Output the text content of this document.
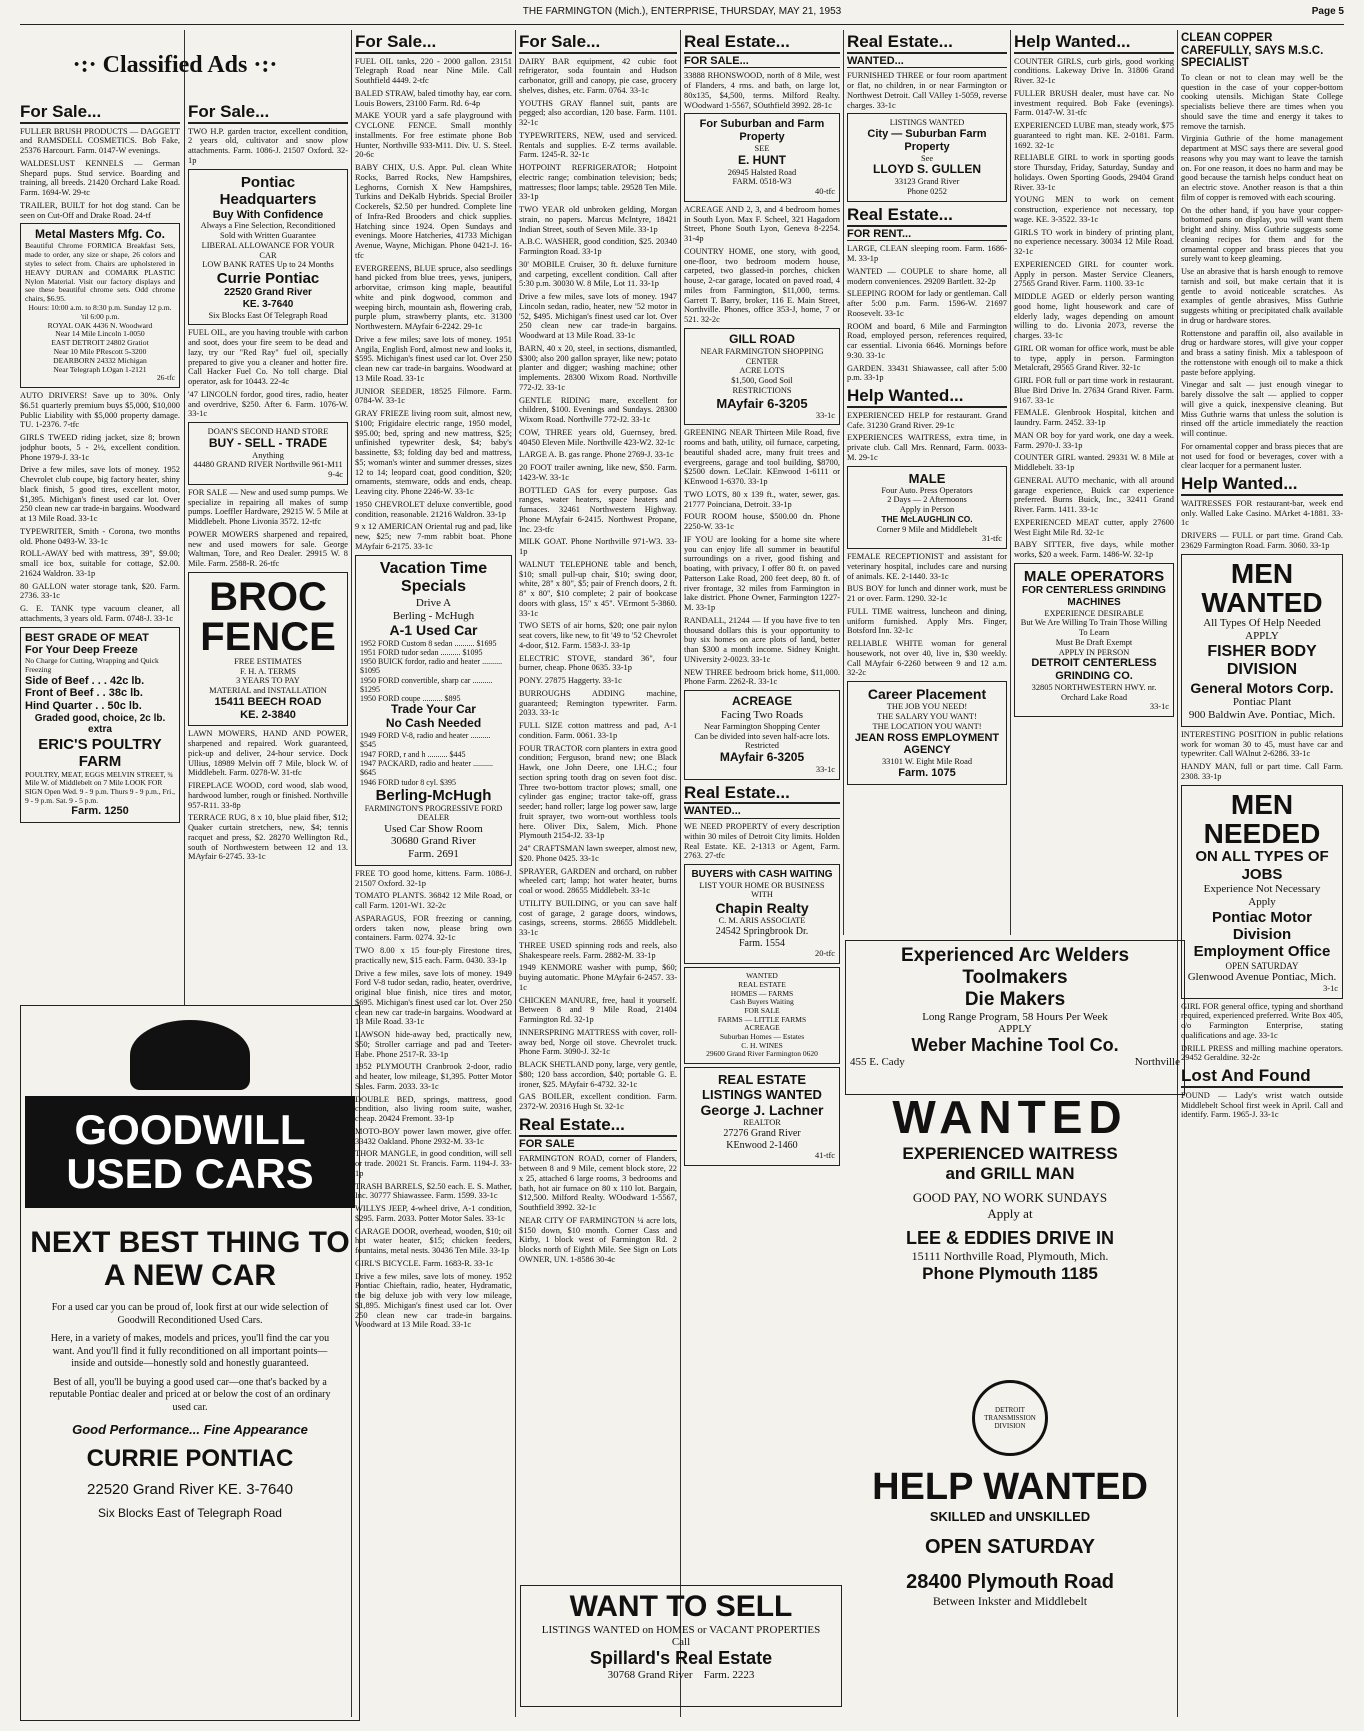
THE FARMINGTON (Mich.), ENTERPRISE, THURSDAY, MAY 21, 1953	Page 5
·:· Classified Ads ·:·
For Sale...
FULLER BRUSH PRODUCTS — DAGGETT and RAMSDELL COSMETICS. Bob Fake, 25376 Harcourt. Farm. 0147-W evenings.
WALDESLUST KENNELS — German Shepard pups. Stud service. Boarding and training, all breeds. 21420 Orchard Lake Road. Farm. 1694-W. 29-tc
TRAILER, BUILT for hot dog stand. Can be seen on Cut-Off and Drake Road. 24-tf
Metal Masters Mfg. Co.
Beautiful Chrome FORMICA Breakfast Sets, made to order, any size or shape, 26 colors and styles to select from. Chairs are upholstered in HEAVY DURAN and COMARK PLASTIC Nylon Material. Visit our factory displays and see these beautiful chrome sets. Odd chrome chairs, $6.95.
Hours: 10:00 a.m. to 8:30 p.m. Sunday 12 p.m. 'til 6:00 p.m.
ROYAL OAK 4436 N. Woodward
Near 14 Mile Lincoln 1-0050
EAST DETROIT 24802 Gratiot
Near 10 Mile PRescott 5-3200
DEARBORN 24332 Michigan
Near Telegraph LOgan 1-2121
26-tfc
AUTO DRIVERS! Save up to 30%. Only $6.51 quarterly premium buys $5,000, $10,000 Public Liability with $5,000 property damage. TU. 1-2376. 7-tfc
GIRLS TWEED riding jacket, size 8; brown jodphur boots, 5 - 2½, excellent condition. Phone 1979-J. 33-1c
Drive a few miles, save lots of money. 1952 Chevrolet club coupe, big factory heater, shiny black finish, 5 good tires, excellent motor, $1,395. Michigan's finest used car lot. Over 250 clean new car trade-in bargains. Woodward at 13 Mile Road. 33-1c
TYPEWRITER, Smith - Corona, two months old. Phone 0493-W. 33-1c
ROLL-AWAY bed with mattress, 39", $9.00; small ice box, suitable for cottage, $2.00. 21624 Waldron. 33-1p
80 GALLON water storage tank, $20. Farm. 2736. 33-1c
G. E. TANK type vacuum cleaner, all attachments, 3 years old. Farm. 0748-J. 33-1c
BEST GRADE OF MEAT
For Your Deep Freeze
No Charge for Cutting, Wrapping and Quick Freezing
Side of Beef . . . 42c lb.
Front of Beef . . 38c lb.
Hind Quarter . . 50c lb.
Graded good, choice, 2c lb. extra
ERIC'S POULTRY FARM
POULTRY, MEAT, EGGS MELVIN STREET, ¾ Mile W. of Middlebelt on 7 Mile LOOK FOR SIGN Open Wed. 9 - 9 p.m. Thurs 9 - 9 p.m., Fri., 9 - 9 p.m. Sat. 9 - 5 p.m.
Farm. 1250
For Sale...
TWO H.P. garden tractor, excellent condition, 2 years old, cultivator and snow plow attachments. Farm. 1086-J. 21507 Oxford. 32-1p
Pontiac Headquarters
Buy With Confidence
Always a Fine Selection, Reconditioned
Sold with Written Guarantee
LIBERAL ALLOWANCE FOR YOUR CAR
LOW BANK RATES Up to 24 Months
Currie Pontiac
22520 Grand River
KE. 3-7640
Six Blocks East Of Telegraph Road
FUEL OIL, are you having trouble with carbon and soot, does your fire seem to be dead and lazy, try our "Red Ray" fuel oil, specially prepared to give you a cleaner and hotter fire. Call Hacker Fuel Co. No toll charge. Dial operator, ask for 10443. 22-4c
'47 LINCOLN fordor, good tires, radio, heater and overdrive, $250. After 6. Farm. 1076-W. 33-1c
DOAN'S SECOND HAND STORE
BUY - SELL - TRADE
Anything
44480 GRAND RIVER Northville 961-M11
9-4c
FOR SALE — New and used sump pumps. We specialize in repairing all makes of sump pumps. Loeffler Hardware, 29215 W. 5 Mile at Middlebelt. Phone Livonia 3572. 12-tfc
POWER MOWERS sharpened and repaired, new and used mowers for sale. George Waltman, Tore, and Reo Dealer. 29915 W. 8 Mile. Farm. 2588-R. 26-tfc
BROC FENCE
FREE ESTIMATES
F. H. A. TERMS
3 YEARS TO PAY
MATERIAL and INSTALLATION
15411 BEECH ROAD
KE. 2-3840
LAWN MOWERS, HAND AND POWER, sharpened and repaired. Work guaranteed, pick-up and deliver, 24-hour service. Dock Ullius, 18989 Melvin off 7 Mile, block W. of Middlebelt. Farm. 0278-W. 31-tfc
FIREPLACE WOOD, cord wood, slab wood, hardwood lumber, rough or finished. Northville 957-R11. 33-8p
TERRACE RUG, 8 x 10, blue plaid fiber, $12; Quaker curtain stretchers, new, $4; tennis racquet and press, $2. 28270 Wellington Rd., south of Northwestern between 12 and 13. MAyfair 6-2745. 33-1c
GOODWILL USED CARS
NEXT BEST THING TO A NEW CAR
For a used car you can be proud of, look first at our wide selection of Goodwill Reconditioned Used Cars.
Here, in a variety of makes, models and prices, you'll find the car you want. And you'll find it fully reconditioned on all important points—inside and outside—honestly sold and honestly guaranteed.
Best of all, you'll be buying a good used car—one that's backed by a reputable Pontiac dealer and priced at or below the cost of an ordinary used car.
Good Performance... Fine Appearance
CURRIE PONTIAC
22520 Grand River KE. 3-7640
Six Blocks East of Telegraph Road
For Sale...
FUEL OIL tanks, 220 - 2000 gallon. 23151 Telegraph Road near Nine Mile. Call Southfield 4449. 2-tfc
BALED STRAW, baled timothy hay, ear corn. Louis Bowers, 23100 Farm. Rd. 6-4p
MAKE YOUR yard a safe playground with CYCLONE FENCE. Small monthly installments. For free estimate phone Bob Hunter, Northville 933-M11. Div. U. S. Steel. 20-6c
BABY CHIX, U.S. Appr. Pul. clean White Rocks, Barred Rocks, New Hampshires, Leghorns, Cornish X New Hampshires, Turkins and DeKalb Hybrids. Special Broiler Cockerels, $2.50 per hundred. Complete line of Infra-Red Brooders and chick supplies. Hatching since 1924. Open Sundays and evenings. Moore Hatcheries, 41733 Michigan Avenue, Wayne, Michigan. Phone 0421-J. 16-tfc
EVERGREENS, BLUE spruce, also seedlings hand picked from blue trees, yews, junipers, arborvitae, crimson king maple, beautiful white and pink dogwood, common and weeping birch, mountain ash, flowering crab, purple plum, strawberry plants, etc. 31300 Northwestern. MAyfair 6-2242. 29-1c
Drive a few miles; save lots of money. 1951 Angila, English Ford, almost new and looks it, $595. Michigan's finest used car lot. Over 250 clean new car trade-in bargains. Woodward at 13 Mile Road. 33-1c
JUNIOR SEEDER, 18525 Filmore. Farm. 0784-W. 33-1c
GRAY FRIEZE living room suit, almost new, $100; Frigidaire electric range, 1950 model, $95.00; bed, spring and new mattress, $25; unfinished typewriter desk, $4; baby's bassinette, $3; folding day bed and mattress, $5; woman's winter and summer dresses, sizes 12 to 14; leopard coat, good condition, $20; ornaments, stemware, odds and ends, cheap. Leaving city. Phone 2246-W. 33-1c
1950 CHEVROLET deluxe convertible, good condition, reasonable. 21216 Waldron. 33-1p
9 x 12 AMERICAN Oriental rug and pad, like new, $25; new 7-mm rabbit boat. Phone MAyfair 6-2175. 33-1c
Vacation Time Specials
Drive A
Berling - McHugh
A-1 Used Car
1952 FORD Custom 8 sedan .......... $1695
1951 FORD tudor sedan .......... $1095
1950 BUICK fordor, radio and heater .......... $1095
1950 FORD convertible, sharp car .......... $1295
1950 FORD coupe .......... $895
Trade Your Car
No Cash Needed
1949 FORD V-8, radio and heater .......... $545
1947 FORD, r and h .......... $445
1947 PACKARD, radio and heater .......... $645
1946 FORD tudor 8 cyl. $395
Berling-McHugh
FARMINGTON'S PROGRESSIVE FORD DEALER
Used Car Show Room
30680 Grand River
Farm. 2691
FREE TO good home, kittens. Farm. 1086-J. 21507 Oxford. 32-1p
TOMATO PLANTS. 36842 12 Mile Road, or call Farm. 1201-W1. 32-2c
ASPARAGUS, FOR freezing or canning, orders taken now, please bring own containers. Farm. 0274. 32-1c
TWO 8.00 x 15 four-ply Firestone tires, practically new, $15 each. Farm. 0430. 33-1p
Drive a few miles, save lots of money. 1949 Ford V-8 tudor sedan, radio, heater, overdrive, original blue finish, nice tires and motor, $695. Michigan's finest used car lot. Over 250 clean new car trade-in bargains. Woodward at 13 Mile Road. 33-1c
LAWSON hide-away bed, practically new, $50; Stroller carriage and pad and Teeter-Babe. Phone 2517-R. 33-1p
1952 PLYMOUTH Cranbrook 2-door, radio and heater, low mileage, $1,395. Potter Motor Sales. Farm. 2033. 33-1c
DOUBLE BED, springs, mattress, good condition, also living room suite, washer, cheap. 20424 Fremont. 33-1p
MOTO-BOY power lawn mower, give offer. 33432 Oakland. Phone 2932-M. 33-1c
THOR MANGLE, in good condition, will sell or trade. 20021 St. Francis. Farm. 1194-J. 33-1p
TRASH BARRELS, $2.50 each. E. S. Mather, Inc. 30777 Shiawassee. Farm. 1599. 33-1c
WILLYS JEEP, 4-wheel drive, A-1 condition, $295. Farm. 2033. Potter Motor Sales. 33-1c
GARAGE DOOR, overhead, wooden, $10; oil hot water heater, $15; chicken feeders, fountains, metal nests. 30436 Ten Mile. 33-1p
GIRL'S BICYCLE. Farm. 1683-R. 33-1c
Drive a few miles, save lots of money. 1952 Pontiac Chieftain, radio, heater, Hydramatic, the big deluxe job with very low mileage, $1,895. Michigan's finest used car lot. Over 250 clean new car trade-in bargains. Woodward at 13 Mile Road. 33-1c
For Sale...
DAIRY BAR equipment, 42 cubic foot refrigerator, soda fountain and Hudson carbonator, grill and canopy, pie case, grocery shelves, dishes, etc. Farm. 0764. 33-1c
YOUTHS GRAY flannel suit, pants are pegged; also accordian, 120 base. Farm. 1101. 32-1c
TYPEWRITERS, NEW, used and serviced. Rentals and supplies. E-Z terms available. Farm. 1245-R. 32-1c
HOTPOINT REFRIGERATOR; Hotpoint electric range; combination television; beds; mattresses; floor lamps; table. 29528 Ten Mile. 33-1p
TWO YEAR old unbroken gelding, Morgan strain, no papers. Marcus McIntyre, 18421 Indian Street, south of Seven Mile. 33-1p
A.B.C. WASHER, good condition, $25. 20340 Farmington Road. 33-1p
30' MOBILE Cruiser, 30 ft. deluxe furniture and carpeting, excellent condition. Call after 5:30 p.m. 30030 W. 8 Mile, Lot 11. 33-1p
Drive a few miles, save lots of money. 1947 Lincoln sedan, radio, heater, new '52 motor in '52, $495. Michigan's finest used car lot. Over 250 clean new car trade-in bargains. Woodward at 13 Mile Road. 33-1c
BARN, 40 x 20, steel, in sections, dismantled, $300; also 200 gallon sprayer, like new; potato planter and digger; washing machine; other implements. 28300 Wixom Road. Northville 772-J2. 33-1c
GENTLE RIDING mare, excellent for children, $100. Evenings and Sundays. 28300 Wixom Road. Northville 772-J2. 33-1c
COW, THREE years old, Guernsey, bred. 40450 Eleven Mile. Northville 423-W2. 32-1c
LARGE A. B. gas range. Phone 2769-J. 33-1c
20 FOOT trailer awning, like new, $50. Farm. 1423-W. 33-1c
BOTTLED GAS for every purpose. Gas ranges, water heaters, space heaters and furnaces. 32461 Northwestern Highway. Phone MAyfair 6-2415. Northwest Propane, Inc. 23-tfc
MILK GOAT. Phone Northville 971-W3. 33-1p
WALNUT TELEPHONE table and bench, $10; small pull-up chair, $10; swing door, white, 28" x 80", $5; pair of French doors, 2 ft. 8" x 80", $10 complete; 2 pair of bookcase doors with glass, 15" x 45". VErmont 5-3860. 33-1c
TWO SETS of air horns, $20; one pair nylon seat covers, like new, to fit '49 to '52 Chevrolet 4-door, $12. Farm. 1583-J. 33-1p
ELECTRIC STOVE, standard 36", four burner, cheap. Phone 0635. 33-1p
PONY. 27875 Haggerty. 33-1c
BURROUGHS ADDING machine, guaranteed; Remington typewriter. Farm. 2033. 33-1c
FULL SIZE cotton mattress and pad, A-1 condition. Farm. 0061. 33-1p
FOUR TRACTOR corn planters in extra good condition; Ferguson, brand new; one Black Hawk, one John Deere, one I.H.C.; four section spring tooth drag on seven foot disc. Three two-bottom tractor plows; small, one cylinder gas engine; tractor take-off, grass seeder; hand roller; large log power saw, large fruit sprayer, two worn-out worthless tools here. Oliver Dix, Salem, Mich. Phone Plymouth 2154-J2. 33-1p
24" CRAFTSMAN lawn sweeper, almost new, $20. Phone 0425. 33-1c
SPRAYER, GARDEN and orchard, on rubber wheeled cart; lamp; hot water heater, burns coal or wood. 28655 Middlebelt. 33-1c
UTILITY BUILDING, or you can save half cost of garage, 2 garage doors, windows, casings, screens, storms. 28655 Middlebelt. 33-1c
THREE USED spinning rods and reels, also Shakespeare reels. Farm. 2882-M. 33-1p
1949 KENMORE washer with pump, $60; buying automatic. Phone MAyfair 6-2457. 33-1c
CHICKEN MANURE, free, haul it yourself. Between 8 and 9 Mile Road, 21404 Farmington Rd. 32-1p
INNERSPRING MATTRESS with cover, roll-away bed, Norge oil stove. Chevrolet truck. Phone Farm. 3090-J. 32-1c
BLACK SHETLAND pony, large, very gentle, $80; 120 bass accordion, $40; portable G. E. ironer, $25. MAyfair 6-4732. 32-1c
GAS BOILER, excellent condition. Farm. 2372-W. 20316 Hugh St. 32-1c
Real Estate...
FOR SALE
FARMINGTON ROAD, corner of Flanders, between 8 and 9 Mile, cement block store, 22 x 25, attached 6 large rooms, 3 bedrooms and bath, hot air furnace on 80 x 110 lot. Bargain, $12,500. Milford Realty. WOodward 1-5567, Southfield 3992. 32-1c
NEAR CITY OF FARMINGTON ¼ acre lots, $150 down, $10 month. Corner Cass and Kirby, 1 block west of Farmington Rd. 2 blocks north of Eighth Mile. See Sign on Lots OWNER, UN. 1-8586 30-4c
Real Estate...
FOR SALE...
33888 RHONSWOOD, north of 8 Mile, west of Flanders, 4 rms. and bath, on large lot, 80x135, $4,500, terms. Milford Realty. WOodward 1-5567, SOuthfield 3992. 28-1c
For Suburban and Farm Property
SEE
E. HUNT
26945 Halsted Road
FARM. 0518-W3
40-tfc
ACREAGE AND 2, 3, and 4 bedroom homes in South Lyon. Max F. Scheel, 321 Hagadorn Street, Phone South Lyon, Geneva 8-2254. 31-4p
COUNTRY HOME, one story, with good, one-floor, two bedroom modern house, carpeted, two glassed-in porches, chicken house, 2-car garage, located on paved road, 4 miles from Farmington, $11,000, terms. Garrett T. Barry, broker, 116 E. Main Street, Northville. Phones, office 353-J, home, 7 or 521. 32-2c
GILL ROAD
NEAR FARMINGTON SHOPPING CENTER
ACRE LOTS
$1,500, Good Soil
RESTRICTIONS
MAyfair 6-3205
33-1c
GREENING NEAR Thirteen Mile Road, five rooms and bath, utility, oil furnace, carpeting, beautiful shaded acre, many fruit trees and evergreens, garage and tool building, $8700, $2500 down. LeClair. KEnwood 1-6111 or KEnwood 1-6370. 33-1p
TWO LOTS, 80 x 139 ft., water, sewer, gas. 21777 Poinciana, Detroit. 33-1p
FOUR ROOM house, $500.00 dn. Phone 2250-W. 33-1c
IF YOU are looking for a home site where you can enjoy life all summer in beautiful surroundings on a river, good fishing and boating, with privacy, I offer 80 ft. on paved Patterson Lake Road, 200 feet deep, 80 ft. of river frontage, 32 miles from Farmington in lake district. Phone Owner, Farmington 1227-M. 33-1p
RANDALL, 21244 — If you have five to ten thousand dollars this is your opportunity to buy six homes on acre plots of land, better than $300 a month income. Sidney Knight. UNiversity 2-0023. 33-1c
NEW THREE bedroom brick home, $11,000. Phone Farm. 2262-R. 33-1c
ACREAGE
Facing Two Roads
Near Farmington Shopping Center
Can be divided into seven half-acre lots.
Restricted
MAyfair 6-3205
33-1c
Real Estate...
WANTED...
WE NEED PROPERTY of every description within 30 miles of Detroit City limits. Holden Real Estate. KE. 2-1313 or Agent, Farm. 2763. 27-tfc
BUYERS with CASH WAITING
LIST YOUR HOME OR BUSINESS WITH
Chapin Realty
C. M. ARIS ASSOCIATE
24542 Springbrook Dr.
Farm. 1554
20-tfc
WANTED
REAL ESTATE
HOMES — FARMS
Cash Buyers Waiting
FOR SALE
FARMS — LITTLE FARMS
ACREAGE
Suburban Homes — Estates
C. H. WINES
29600 Grand River Farmington 0620
REAL ESTATE LISTINGS WANTED
George J. Lachner
REALTOR
27276 Grand River
KEnwood 2-1460
41-tfc
WANT TO SELL
LISTINGS WANTED on HOMES or VACANT PROPERTIES
Call
Spillard's Real Estate
30768 Grand River Farm. 2223
Real Estate...
WANTED...
FURNISHED THREE or four room apartment or flat, no children, in or near Farmington or Northwest Detroit. Call VAlley 1-5059, reverse charges. 33-1c
LISTINGS WANTED
City — Suburban Farm Property
See
LLOYD S. GULLEN
33123 Grand River
Phone 0252
Real Estate...
FOR RENT...
LARGE, CLEAN sleeping room. Farm. 1686-M. 33-1p
WANTED — COUPLE to share home, all modern conveniences. 29209 Bartlett. 32-2p
SLEEPING ROOM for lady or gentleman. Call after 5:00 p.m. Farm. 1596-W. 21697 Roosevelt. 33-1c
ROOM and board, 6 Mile and Farmington Road, employed person, references required, car essential. Livonia 6646. Mornings before 9:30. 33-1c
GARDEN. 33431 Shiawassee, call after 5:00 p.m. 33-1p
Help Wanted...
EXPERIENCED HELP for restaurant. Grand Cafe. 31230 Grand River. 29-1c
EXPERIENCES WAITRESS, extra time, in private club. Call Mrs. Rennard, Farm. 0033-M. 29-1c
MALE
Four Auto. Press Operators
2 Days — 2 Afternoons
Apply in Person
THE McLAUGHLIN CO.
Corner 9 Mile and Middlebelt
31-tfc
FEMALE RECEPTIONIST and assistant for veterinary hospital, includes care and nursing of animals. KE. 2-1440. 33-1c
BUS BOY for lunch and dinner work, must be 21 or over. Farm. 1290. 32-1c
FULL TIME waitress, luncheon and dining, uniform furnished. Apply Mrs. Finger, Botsford Inn. 32-1c
RELIABLE WHITE woman for general housework, not over 40, live in, $30 weekly. Call MAyfair 6-2260 between 9 and 12 a.m. 32-2c
Career Placement
THE JOB YOU NEED!
THE SALARY YOU WANT!
THE LOCATION YOU WANT!
JEAN ROSS EMPLOYMENT AGENCY
33101 W. Eight Mile Road
Farm. 1075
Help Wanted...
COUNTER GIRLS, curb girls, good working conditions. Lakeway Drive In. 31806 Grand River. 32-1c
FULLER BRUSH dealer, must have car. No investment required. Bob Fake (evenings). Farm. 0147-W. 31-tfc
EXPERIENCED LUBE man, steady work, $75 guaranteed to right man. KE. 2-0181. Farm. 1692. 32-1c
RELIABLE GIRL to work in sporting goods store Thursday, Friday, Saturday, Sunday and holidays. Owen Sporting Goods, 29404 Grand River. 33-1c
YOUNG MEN to work on cement construction, experience not necessary, top wage. KE. 3-3522. 33-1c
GIRLS TO work in bindery of printing plant, no experience necessary. 30034 12 Mile Road. 32-1c
EXPERIENCED GIRL for counter work. Apply in person. Master Service Cleaners, 27565 Grand River. Farm. 1100. 33-1c
MIDDLE AGED or elderly person wanting good home, light housework and care of elderly lady, wages depending on amount willing to do. Livonia 2073, reverse the charges. 33-1c
GIRL OR woman for office work, must be able to type, apply in person. Farmington Metalcraft, 29565 Grand River. 32-1c
GIRL FOR full or part time work in restaurant. Blue Bird Drive In. 27634 Grand River. Farm. 9167. 33-1c
FEMALE. Glenbrook Hospital, kitchen and laundry. Farm. 2452. 33-1p
MAN OR boy for yard work, one day a week. Farm. 2970-J. 33-1p
COUNTER GIRL wanted. 29331 W. 8 Mile at Middlebelt. 33-1p
GENERAL AUTO mechanic, with all around garage experience, Buick car experience preferred. Burns Buick, Inc., 32411 Grand River. Farm. 1411. 33-1c
EXPERIENCED MEAT cutter, apply 27600 West Eight Mile Rd. 32-1c
BABY SITTER, five days, while mother works, $20 a week. Farm. 1486-W. 32-1p
MALE OPERATORS
FOR CENTERLESS GRINDING MACHINES
EXPERIENCE DESIRABLE
But We Are Willing To Train Those Willing To Learn
Must Be Draft Exempt
APPLY IN PERSON
DETROIT CENTERLESS GRINDING CO.
32805 NORTHWESTERN HWY. nr. Orchard Lake Road
33-1c
Experienced Arc Welders
Toolmakers
Die Makers
Long Range Program, 58 Hours Per Week
APPLY
Weber Machine Tool Co.
455 E. Cady	Northville
WANTED
EXPERIENCED WAITRESS
and GRILL MAN
GOOD PAY, NO WORK SUNDAYS
Apply at
LEE & EDDIES DRIVE IN
15111 Northville Road, Plymouth, Mich.
Phone Plymouth 1185
DETROIT TRANSMISSION DIVISION
HELP WANTED
SKILLED and UNSKILLED
OPEN SATURDAY
28400 Plymouth Road
Between Inkster and Middlebelt
CLEAN COPPER CAREFULLY, SAYS M.S.C. SPECIALIST
To clean or not to clean may well be the question in the case of your copper-bottom cooking utensils. Michigan State College specialists believe there are times when you should save the time and energy it takes to remove the tarnish.
Virginia Guthrie of the home management department at MSC says there are several good reasons why you may want to leave the tarnish on. For one reason, it does no harm and may be good because the tarnish helps conduct heat on an electric stove. Another reason is that a thin film of copper is removed with each scouring.
On the other hand, if you have your copper-bottomed pans on display, you will want them bright and shiny. Miss Guthrie suggests some cleaning recipes for them and for the ornamental copper and brass pieces that you surely want to keep gleaming.
Use an abrasive that is harsh enough to remove tarnish and soil, but make certain that it is gentle to avoid noticeable scratches. As examples of gentle abrasives, Miss Guthrie suggests whiting or precipitated chalk available in drug or hardware stores.
Rottenstone and paraffin oil, also available in drug or hardware stores, will give your copper and brass a satiny finish. Mix a tablespoon of the rottenstone with enough oil to make a thick paste before applying.
Vinegar and salt — just enough vinegar to barely dissolve the salt — applied to copper will give a quick, inexpensive cleaning. But Miss Guthrie warns that unless the solution is rinsed off the article immediately the reaction will continue.
For ornamental copper and brass pieces that are not used for food or beverages, cover with a clear lacquer for a permanent luster.
Help Wanted...
WAITRESSES FOR restaurant-bar, week end only. Walled Lake Casino. MArket 4-1881. 33-1c
DRIVERS — FULL or part time. Grand Cab. 23629 Farmington Road. Farm. 3060. 33-1p
MEN WANTED
All Types Of Help Needed
APPLY
FISHER BODY DIVISION
General Motors Corp.
Pontiac Plant
900 Baldwin Ave. Pontiac, Mich.
INTERESTING POSITION in public relations work for woman 30 to 45, must have car and typewriter. Call WAlnut 2-6286. 33-1c
HANDY MAN, full or part time. Call Farm. 2308. 33-1p
MEN NEEDED
ON ALL TYPES OF JOBS
Experience Not Necessary
Apply
Pontiac Motor Division Employment Office
OPEN SATURDAY
Glenwood Avenue Pontiac, Mich.
3-1c
GIRL FOR general office, typing and shorthand required, experienced preferred. Write Box 405, c/o Farmington Enterprise, stating qualifications and age. 33-1c
DRILL PRESS and milling machine operators. 29452 Geraldine. 32-2c
Lost And Found
FOUND — Lady's wrist watch outside Middlebelt School first week in April. Call and identify. Farm. 1965-J. 33-1c
